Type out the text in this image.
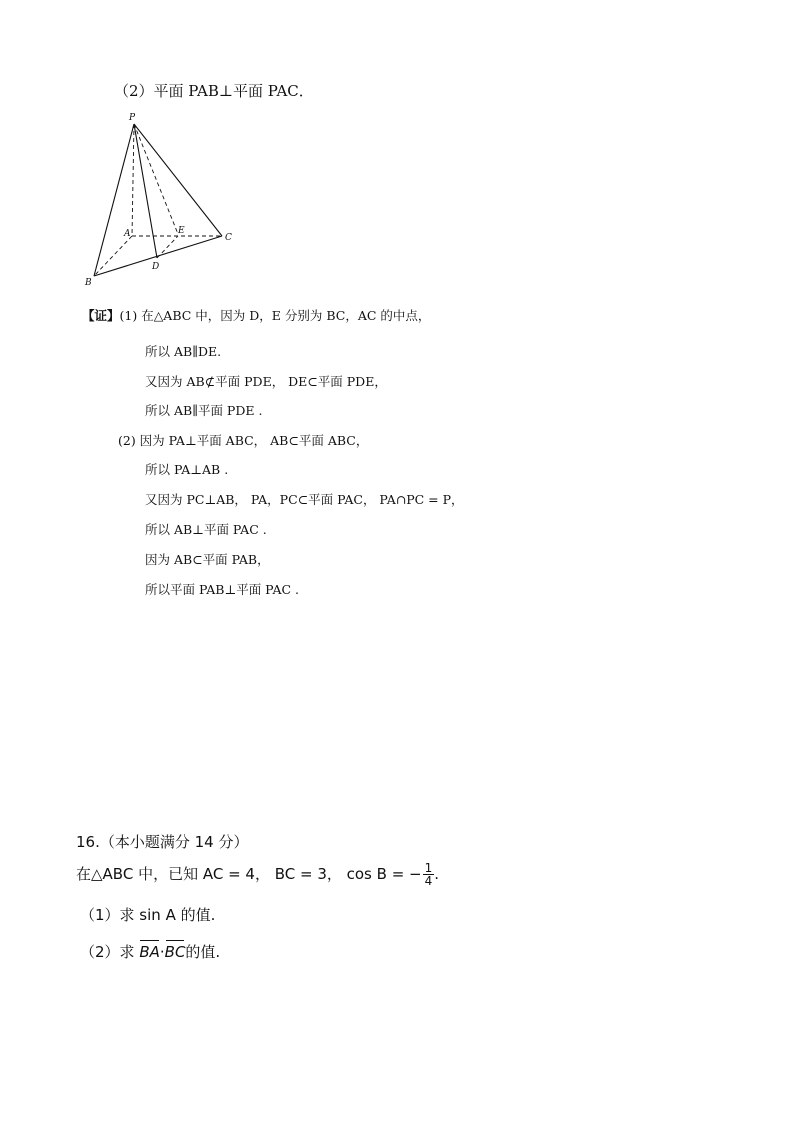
（2）平面 PAB⊥平面 PAC．
P
A	E
C
D
B
【证】(1) 在△ABC 中，因为 D，E 分别为 BC，AC 的中点，
所以 AB∥DE.
又因为 AB⊄平面 PDE， DE⊂平面 PDE，
所以 AB∥平面 PDE .
(2) 因为 PA⊥平面 ABC， AB⊂平面 ABC，
所以 PA⊥AB .
又因为 PC⊥AB， PA，PC⊂平面 PAC， PA∩PC = P，
所以 AB⊥平面 PAC .
因为 AB⊂平面 PAB，
所以平面 PAB⊥平面 PAC .
16.（本小题满分 14 分）
在△ABC 中，已知 AC = 4， BC = 3， cos B = − $\frac{1}{4}$ .
（1）求 sin A 的值.
（2）求 BA·BC的值.
